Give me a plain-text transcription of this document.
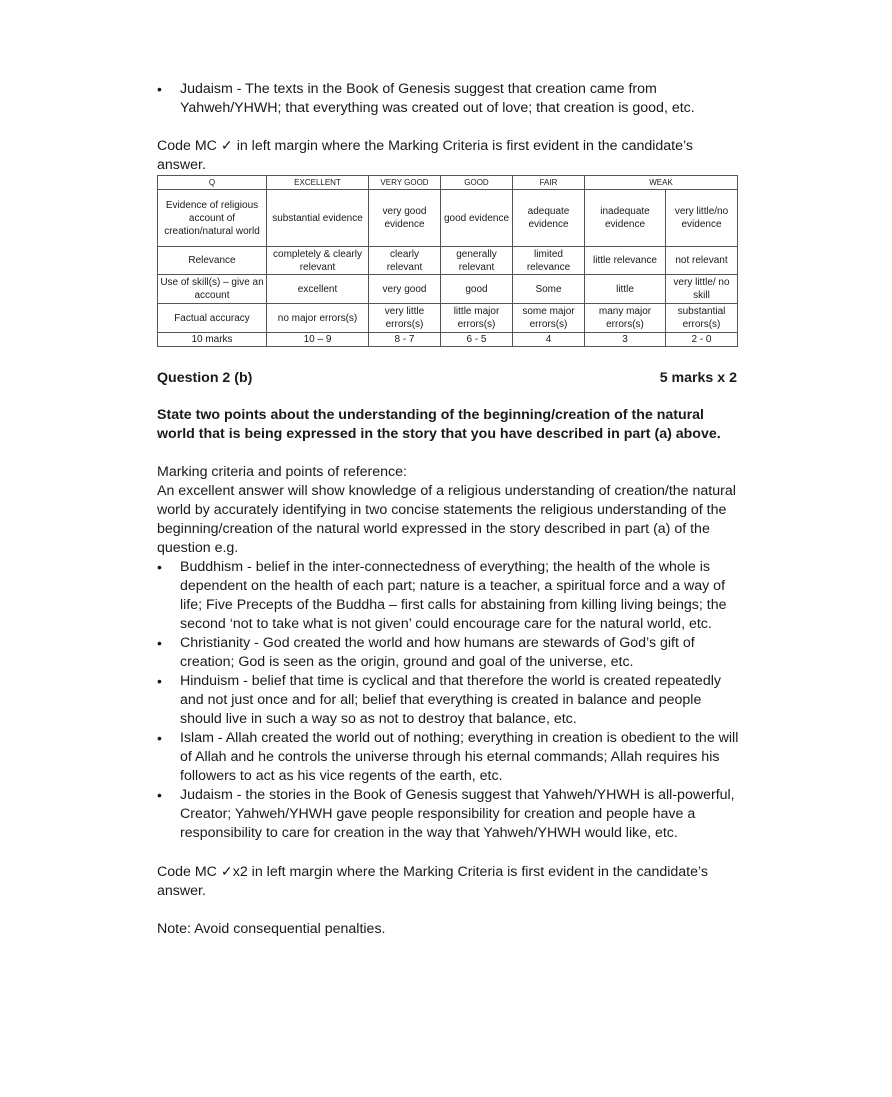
• Judaism - The texts in the Book of Genesis suggest that creation came from Yahweh/YHWH; that everything was created out of love; that creation is good, etc.
Code MC ✓ in left margin where the Marking Criteria is first evident in the candidate’s answer.
Q	EXCELLENT	VERY GOOD	GOOD	FAIR	WEAK	
Evidence of religious account of creation/natural world	substantial evidence	very good evidence	good evidence	adequate evidence	inadequate evidence	very little/no evidence
Relevance	completely & clearly relevant	clearly relevant	generally relevant	limited relevance	little relevance	not relevant
Use of skill(s) – give an account	excellent	very good	good	Some	little	very little/ no skill
Factual accuracy	no major errors(s)	very little errors(s)	little major errors(s)	some major errors(s)	many major errors(s)	substantial errors(s)
10 marks	10 – 9	8 - 7	6 - 5	4	3	2 - 0
Question 2 (b)	5 marks x 2
State two points about the understanding of the beginning/creation of the natural world that is being expressed in the story that you have described in part (a) above.
Marking criteria and points of reference:
An excellent answer will show knowledge of a religious understanding of creation/the natural world by accurately identifying in two concise statements the religious understanding of the beginning/creation of the natural world expressed in the story described in part (a) of the question e.g.
• Buddhism - belief in the inter-connectedness of everything; the health of the whole is dependent on the health of each part; nature is a teacher, a spiritual force and a way of life; Five Precepts of the Buddha – first calls for abstaining from killing living beings; the second ‘not to take what is not given’ could encourage care for the natural world, etc.
• Christianity - God created the world and how humans are stewards of God’s gift of creation; God is seen as the origin, ground and goal of the universe, etc.
• Hinduism - belief that time is cyclical and that therefore the world is created repeatedly and not just once and for all; belief that everything is created in balance and people should live in such a way so as not to destroy that balance, etc.
• Islam - Allah created the world out of nothing; everything in creation is obedient to the will of Allah and he controls the universe through his eternal commands; Allah requires his followers to act as his vice regents of the earth, etc.
• Judaism - the stories in the Book of Genesis suggest that Yahweh/YHWH is all-powerful, Creator; Yahweh/YHWH gave people responsibility for creation and people have a responsibility to care for creation in the way that Yahweh/YHWH would like, etc.
Code MC ✓x2 in left margin where the Marking Criteria is first evident in the candidate’s answer.
Note: Avoid consequential penalties.
